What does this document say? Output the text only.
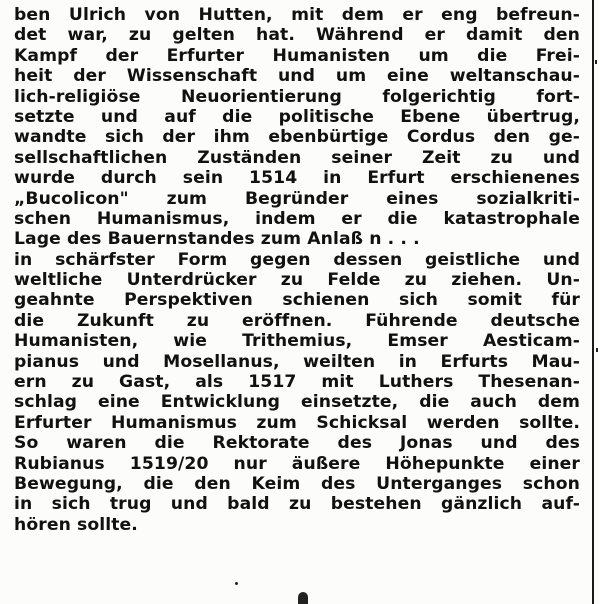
ben Ulrich von Hutten, mit dem er eng befreun-
det war, zu gelten hat. Während er damit den
Kampf der Erfurter Humanisten um die Frei-
heit der Wissenschaft und um eine weltanschau-
lich-religiöse Neuorientierung folgerichtig fort-
setzte und auf die politische Ebene übertrug,
wandte sich der ihm ebenbürtige Cordus den ge-
sellschaftlichen Zuständen seiner Zeit zu und
wurde durch sein 1514 in Erfurt erschienenes
„Bucolicon" zum Begründer eines sozialkriti-
schen Humanismus, indem er die katastrophale
Lage des Bauernstandes zum Anlaß n . . .
in schärfster Form gegen dessen geistliche und
weltliche Unterdrücker zu Felde zu ziehen. Un-
geahnte Perspektiven schienen sich somit für
die Zukunft zu eröffnen. Führende deutsche
Humanisten, wie Trithemius, Emser Aesticam-
pianus und Mosellanus, weilten in Erfurts Mau-
ern zu Gast, als 1517 mit Luthers Thesenan-
schlag eine Entwicklung einsetzte, die auch dem
Erfurter Humanismus zum Schicksal werden sollte.
So waren die Rektorate des Jonas und des
Rubianus 1519/20 nur äußere Höhepunkte einer
Bewegung, die den Keim des Unterganges schon
in sich trug und bald zu bestehen gänzlich auf-
hören sollte.
